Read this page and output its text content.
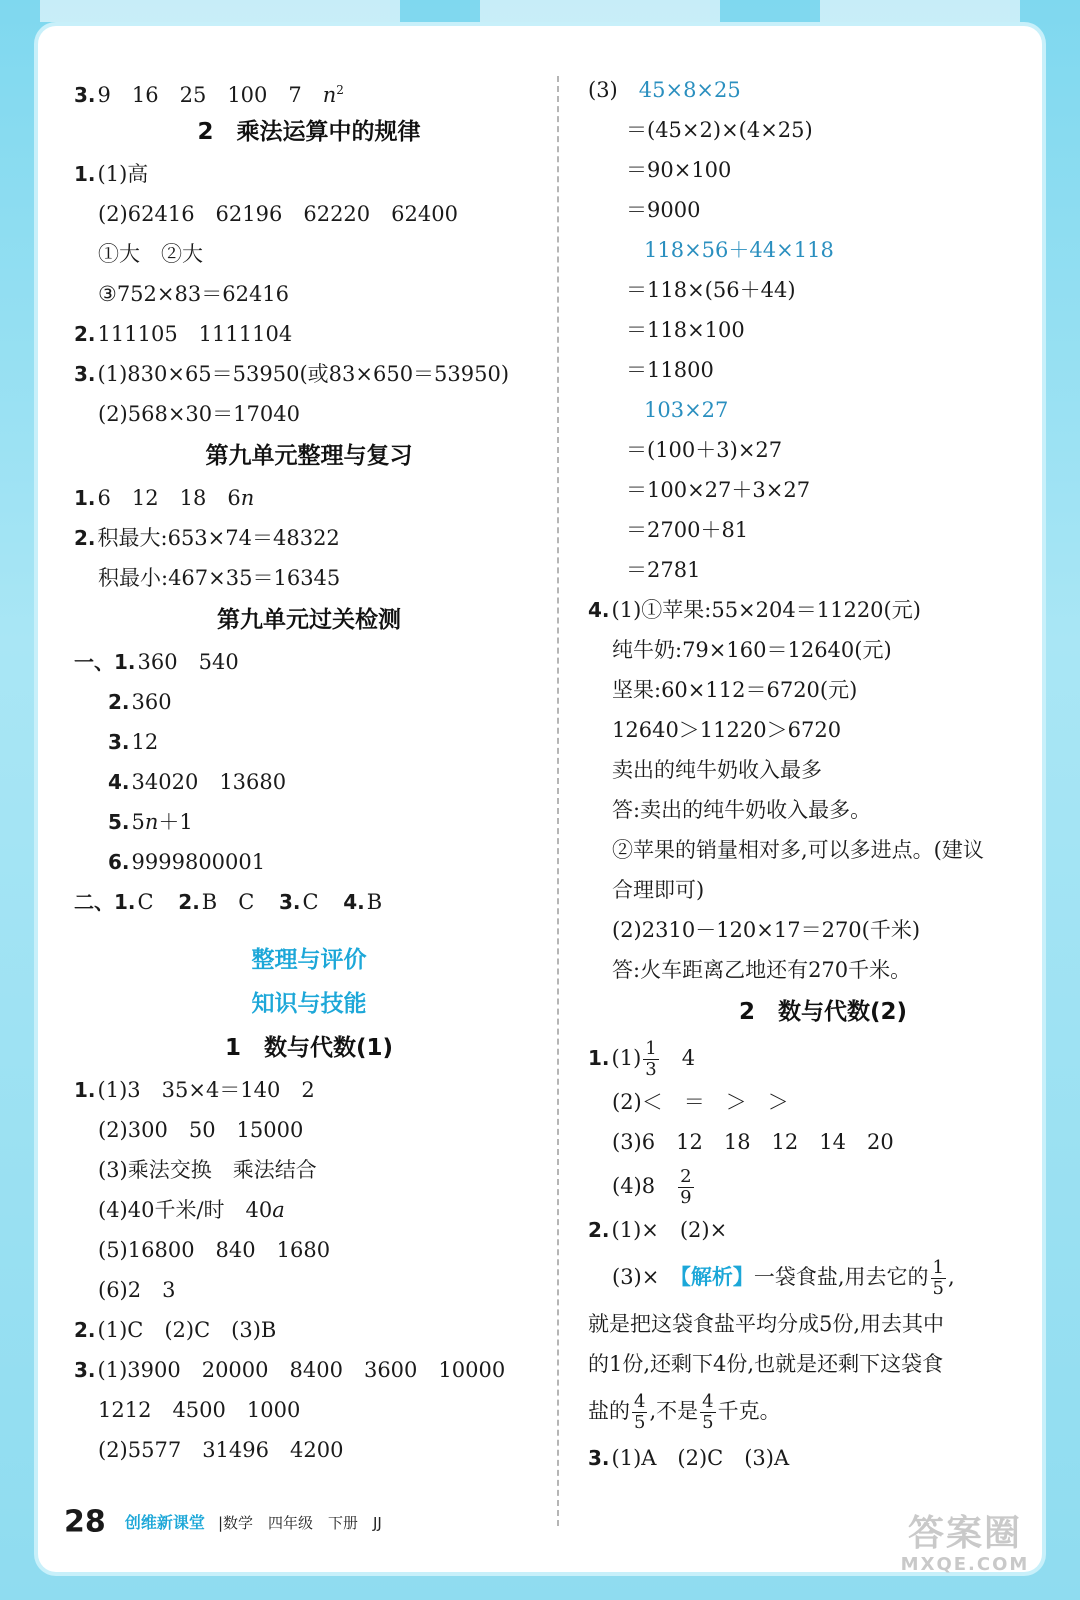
3.9　16　25　100　7　$n^2$
2　乘法运算中的规律
1.(1)高
(2)62416　62196　62220　62400
①大　②大
③752×83＝62416
2.111105　1111104
3.(1)830×65＝53950(或83×650＝53950)
(2)568×30＝17040
第九单元整理与复习
1.6　12　18　6n
2.积最大:653×74＝48322
积最小:467×35＝16345
第九单元过关检测
一、1.360　540
2.360
3.12
4.34020　13680
5.5n＋1
6.9999800001
二、1.C 2.B　C 3.C 4.B
整理与评价
知识与技能
1　数与代数(1)
1.(1)3　35×4＝140　2
(2)300　50　15000
(3)乘法交换　乘法结合
(4)40千米/时　40a
(5)16800　840　1680
(6)2　3
2.(1)C　(2)C　(3)B
3.(1)3900　20000　8400　3600　10000
1212　4500　1000
(2)5577　31496　4200
(3)　 45×8×25
＝(45×2)×(4×25)
＝90×100
＝9000
118×56＋44×118
＝118×(56＋44)
＝118×100
＝11800
103×27
＝(100＋3)×27
＝100×27＋3×27
＝2700＋81
＝2781
4.(1)①苹果:55×204＝11220(元)
纯牛奶:79×160＝12640(元)
坚果:60×112＝6720(元)
12640＞11220＞6720
卖出的纯牛奶收入最多
答:卖出的纯牛奶收入最多。
②苹果的销量相对多,可以多进点。(建议
合理即可)
(2)2310－120×17＝270(千米)
答:火车距离乙地还有270千米。
2　数与代数(2)
$1.(1) \frac{1}{3}$
　 4
(2)＜　＝　＞　＞
(3)6　12　18　12　14　20
(4)8　 $\frac{2}{9}$
2.(1)×　(2)×
(3)×　 【解析】一袋食盐,用去它的 $\frac{1}{5}$ ,
就是把这袋食盐平均分成5份,用去其中
的1份,还剩下4份,也就是还剩下这袋食
盐的 $\frac{4}{5}$ ,不是 $\frac{4}{5}$ 千克。
3.(1)A　(2)C　(3)A
28 创维新课堂 |数学　四年级　下册　JJ	答案圈
MXQE.COM
